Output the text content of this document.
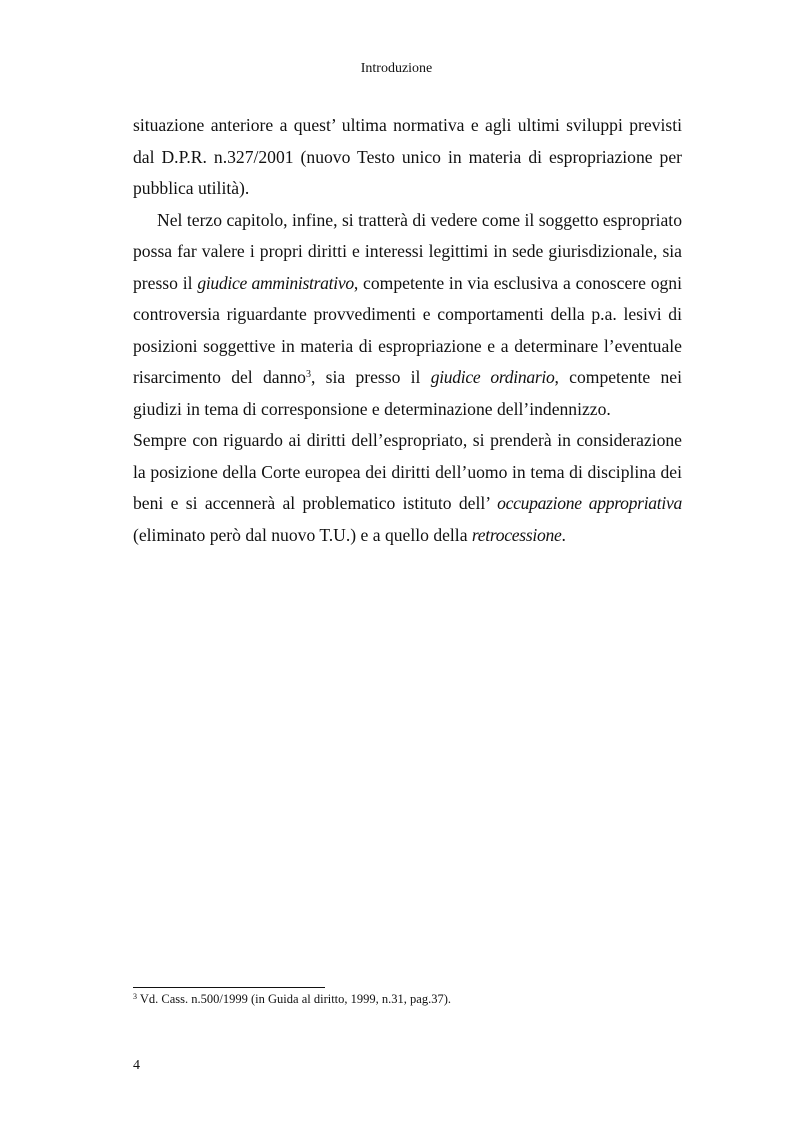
Introduzione

situazione anteriore a quest’ ultima normativa e agli ultimi sviluppi previsti dal D.P.R. n.327/2001 (nuovo Testo unico in materia di espropriazione per pubblica utilità).

Nel terzo capitolo, infine, si tratterà di vedere come il soggetto espropriato possa far valere i propri diritti e interessi legittimi in sede giurisdizionale, sia presso il giudice amministrativo, competente in via esclusiva a conoscere ogni controversia riguardante provvedimenti e comportamenti della p.a. lesivi di posizioni soggettive in materia di espropriazione e a determinare l’eventuale risarcimento del danno$^3$, sia presso il giudice ordinario, competente nei giudizi in tema di corresponsione e determinazione dell’indennizzo.

Sempre con riguardo ai diritti dell’espropriato, si prenderà in considerazione la posizione della Corte europea dei diritti dell’uomo in tema di disciplina dei beni e si accennerà al problematico istituto dell’ occupazione appropriativa (eliminato però dal nuovo T.U.) e a quello della retrocessione.

$^3$ Vd. Cass. n.500/1999 (in Guida al diritto, 1999, n.31, pag.37).
4
